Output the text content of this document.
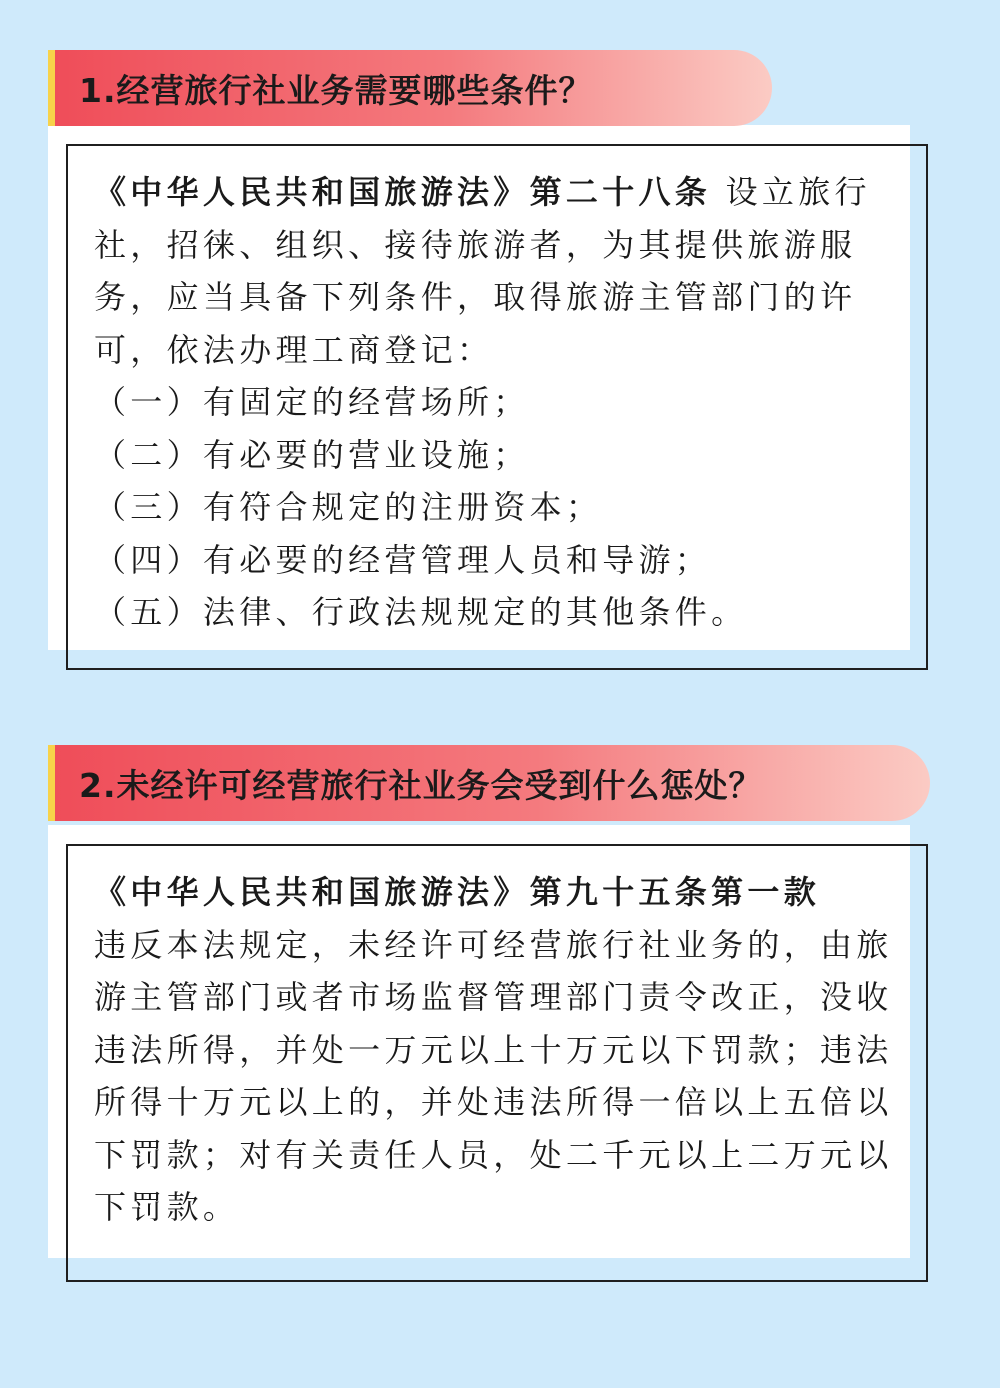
1.经营旅行社业务需要哪些条件？

《中华人民共和国旅游法》第二十八条 设立旅行社，招徕、组织、接待旅游者，为其提供旅游服务，应当具备下列条件，取得旅游主管部门的许可，依法办理工商登记：

（一）有固定的经营场所；
（二）有必要的营业设施；
（三）有符合规定的注册资本；
（四）有必要的经营管理人员和导游；
（五）法律、行政法规规定的其他条件。
2.未经许可经营旅行社业务会受到什么惩处？

《中华人民共和国旅游法》第九十五条第一款

违反本法规定，未经许可经营旅行社业务的，由旅游主管部门或者市场监督管理部门责令改正，没收违法所得，并处一万元以上十万元以下罚款；违法所得十万元以上的，并处违法所得一倍以上五倍以下罚款；对有关责任人员，处二千元以上二万元以下罚款。
